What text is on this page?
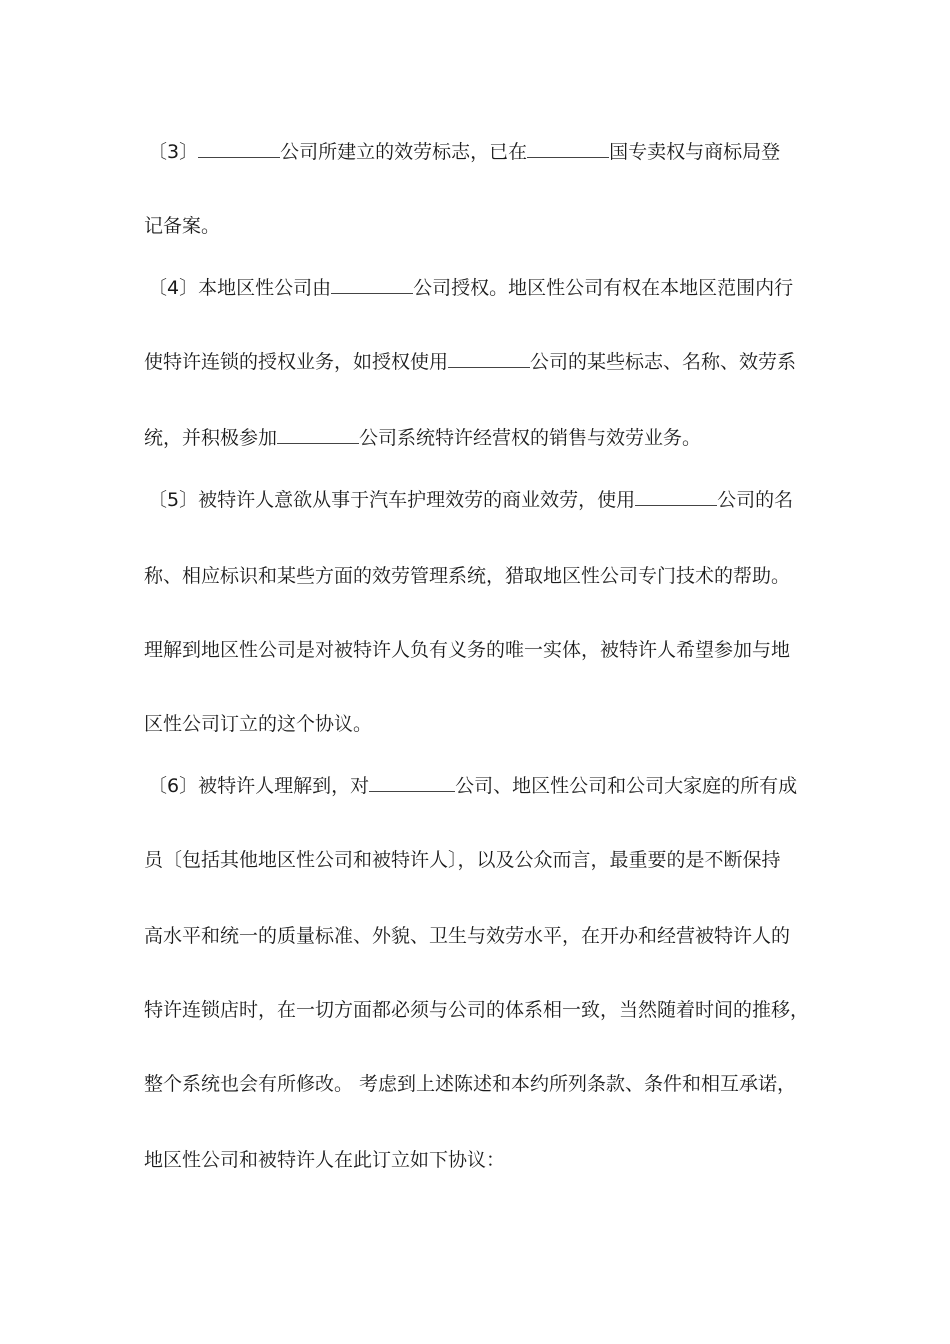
〔3〕	公司所建立的效劳标志，已在	国专卖权与商标局登
记备案。
〔4〕本地区性公司由	公司授权。地区性公司有权在本地区范围内行
使特许连锁的授权业务，如授权使用	公司的某些标志、名称、效劳系
统，并积极参加	公司系统特许经营权的销售与效劳业务。
〔5〕被特许人意欲从事于汽车护理效劳的商业效劳，使用	公司的名
称、相应标识和某些方面的效劳管理系统，猎取地区性公司专门技术的帮助。
理解到地区性公司是对被特许人负有义务的唯一实体，被特许人希望参加与地
区性公司订立的这个协议。
〔6〕被特许人理解到，对	公司、地区性公司和公司大家庭的所有成
员〔包括其他地区性公司和被特许人〕，以及公众而言，最重要的是不断保持
高水平和统一的质量标准、外貌、卫生与效劳水平，在开办和经营被特许人的
特许连锁店时，在一切方面都必须与公司的体系相一致，当然随着时间的推移，
整个系统也会有所修改。 考虑到上述陈述和本约所列条款、条件和相互承诺，
地区性公司和被特许人在此订立如下协议：
